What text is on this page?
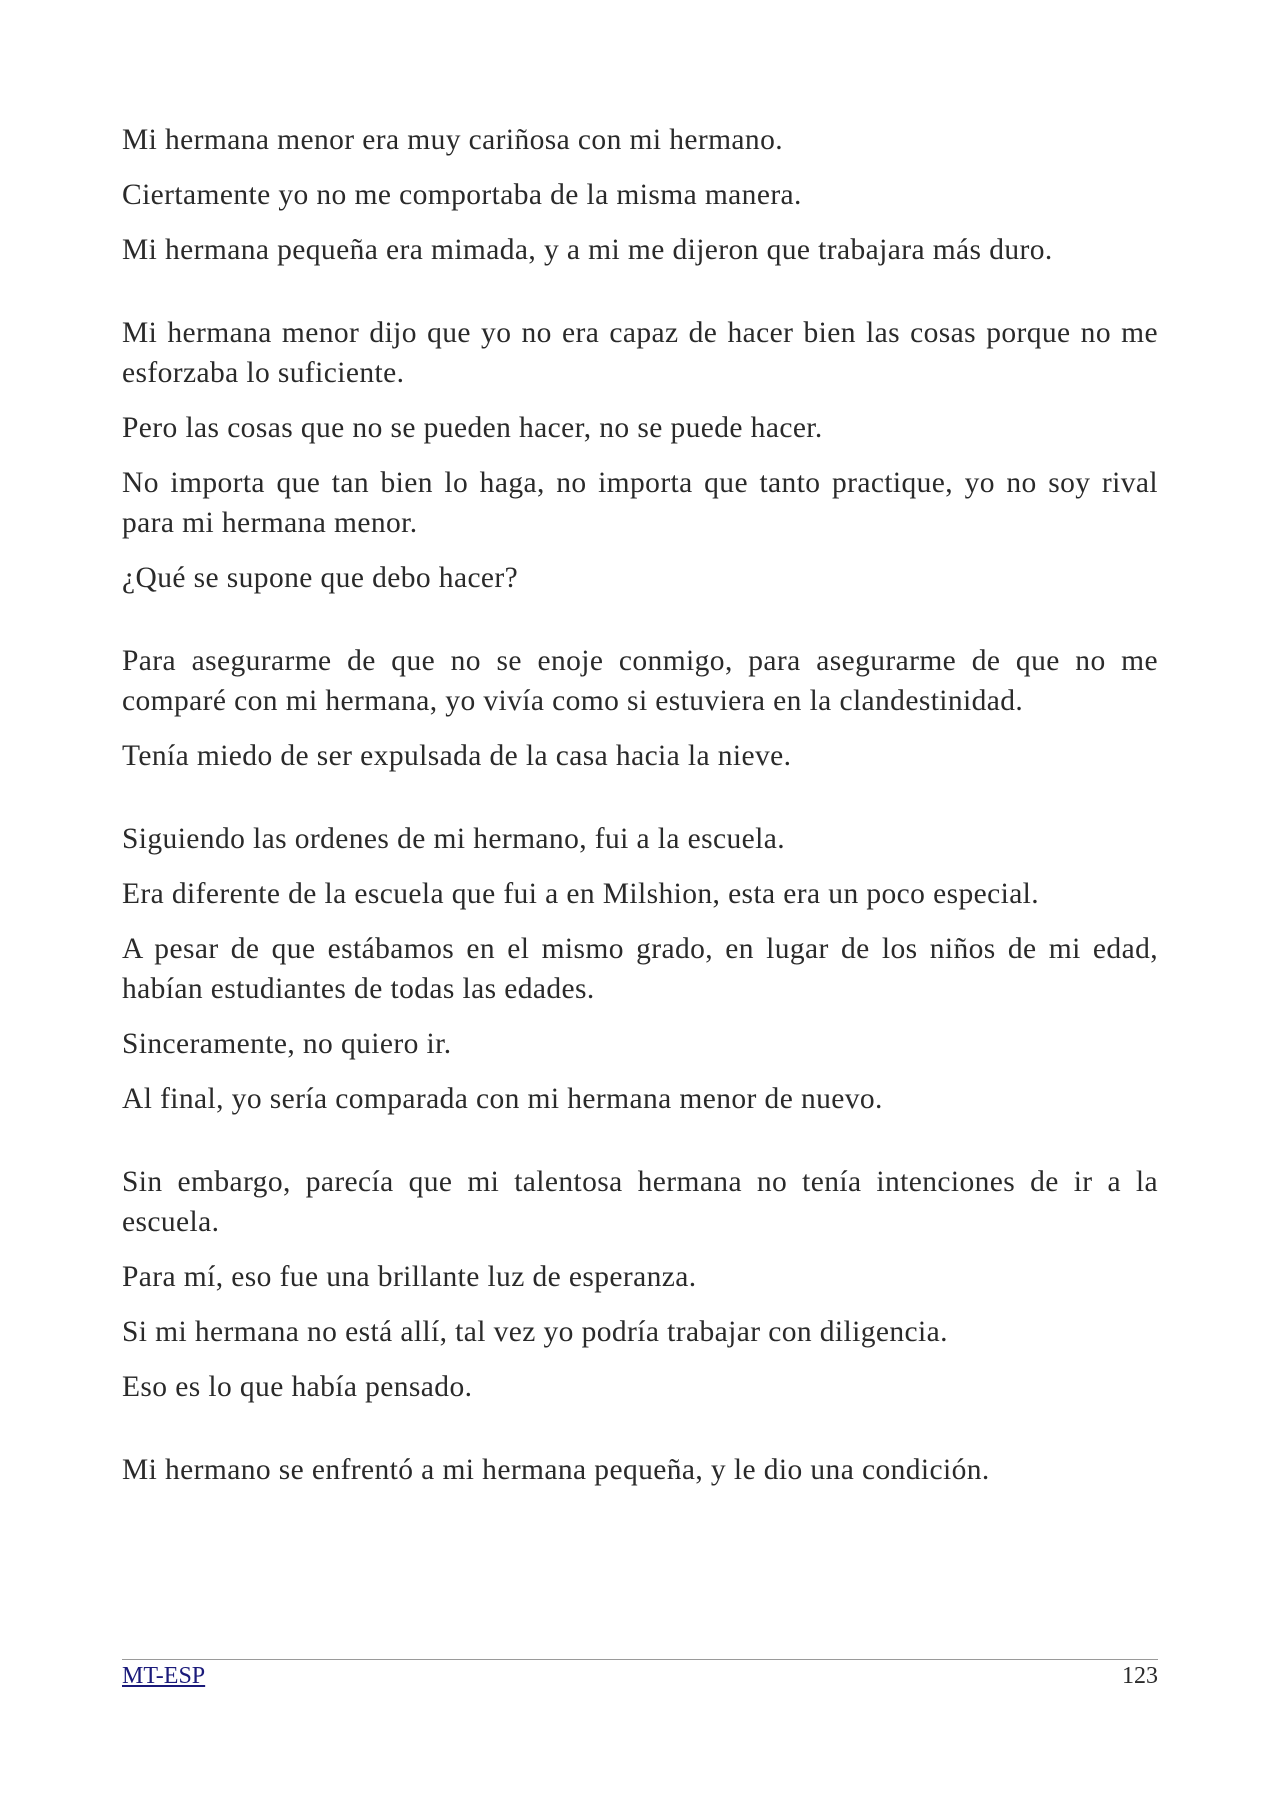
Mi hermana menor era muy cariñosa con mi hermano.

Ciertamente yo no me comportaba de la misma manera.

Mi hermana pequeña era mimada, y a mi me dijeron que trabajara más duro.

Mi hermana menor dijo que yo no era capaz de hacer bien las cosas porque no me esforzaba lo suficiente.

Pero las cosas que no se pueden hacer, no se puede hacer.

No importa que tan bien lo haga, no importa que tanto practique, yo no soy rival para mi hermana menor.

¿Qué se supone que debo hacer?

Para asegurarme de que no se enoje conmigo, para asegurarme de que no me comparé con mi hermana, yo vivía como si estuviera en la clandestinidad.

Tenía miedo de ser expulsada de la casa hacia la nieve.

Siguiendo las ordenes de mi hermano, fui a la escuela.

Era diferente de la escuela que fui a en Milshion, esta era un poco especial.

A pesar de que estábamos en el mismo grado, en lugar de los niños de mi edad, habían estudiantes de todas las edades.

Sinceramente, no quiero ir.

Al final, yo sería comparada con mi hermana menor de nuevo.

Sin embargo, parecía que mi talentosa hermana no tenía intenciones de ir a la escuela.

Para mí, eso fue una brillante luz de esperanza.

Si mi hermana no está allí, tal vez yo podría trabajar con diligencia.

Eso es lo que había pensado.

Mi hermano se enfrentó a mi hermana pequeña, y le dio una condición.

MT-ESP	123
